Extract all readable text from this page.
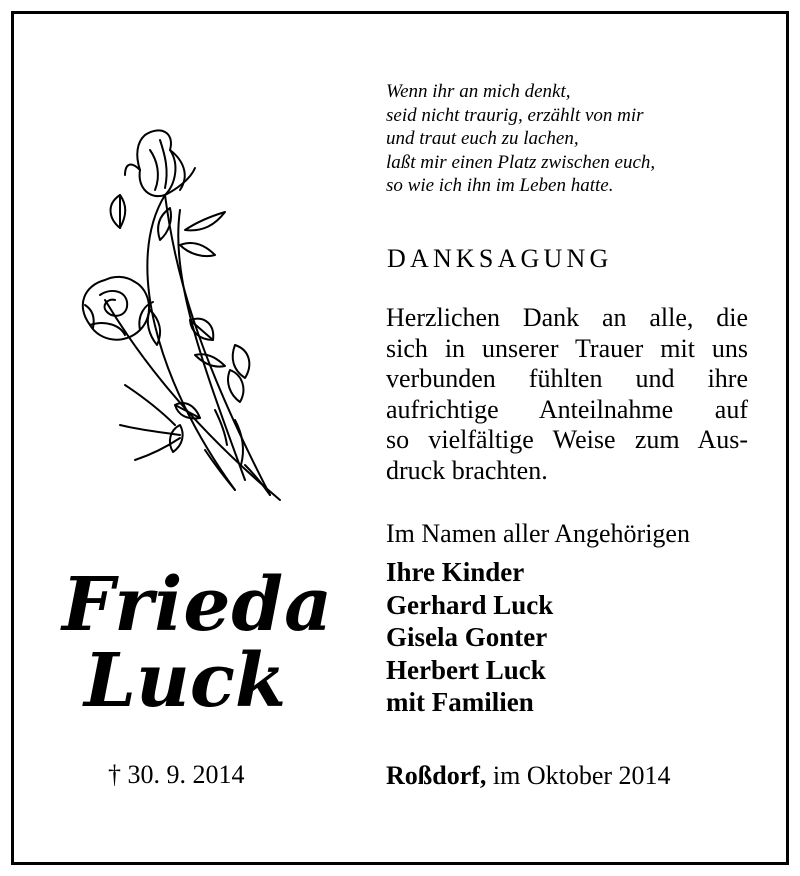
Wenn ihr an mich denkt,
seid nicht traurig, erzählt von mir
und traut euch zu lachen,
laßt mir einen Platz zwischen euch,
so wie ich ihn im Leben hatte.
DANKSAGUNG
Herzlichen Dank an alle, die
sich in unserer Trauer mit uns
verbunden fühlten und ihre
aufrichtige Anteilnahme auf
so vielfältige Weise zum Aus-
druck brachten.
Im Namen aller Angehörigen
Ihre Kinder
Gerhard Luck
Gisela Gonter
Herbert Luck
mit Familien
Frieda
Luck
† 30. 9. 2014	Roßdorf, im Oktober 2014
